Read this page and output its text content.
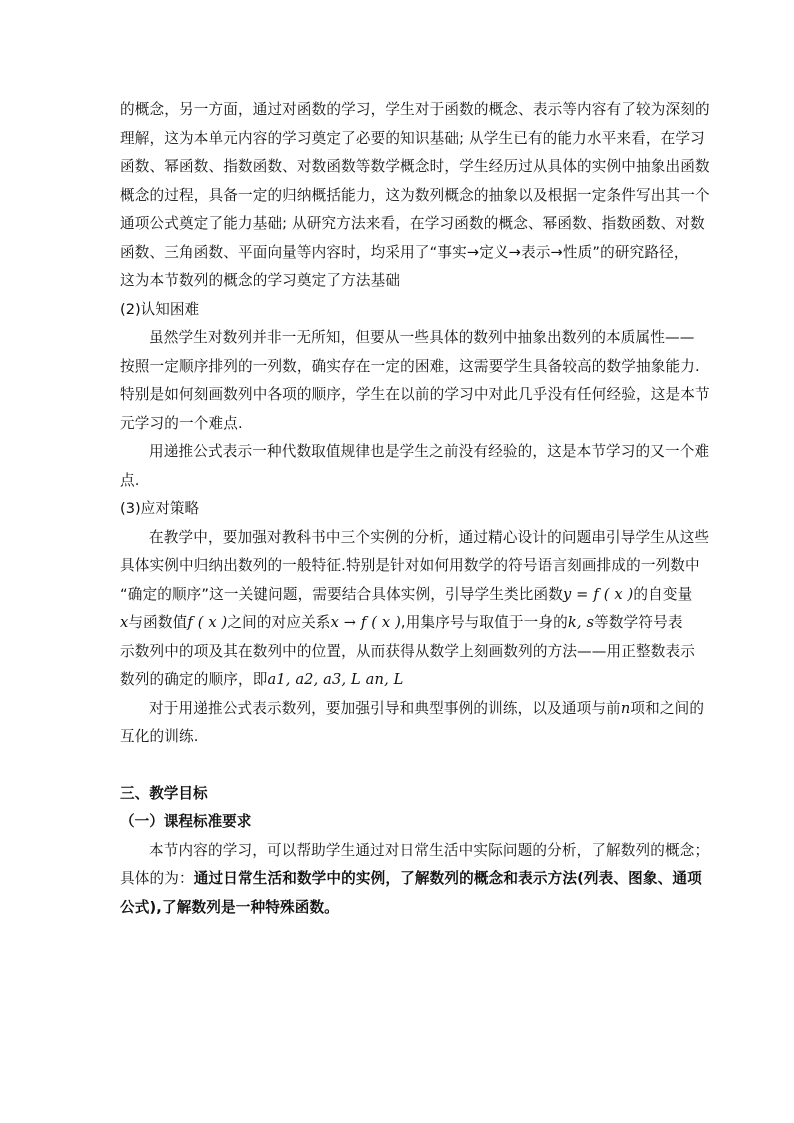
的概念，另一方面，通过对函数的学习，学生对于函数的概念、表示等内容有了较为深刻的
理解，这为本单元内容的学习奠定了必要的知识基础; 从学生已有的能力水平来看，在学习
函数、幂函数、指数函数、对数函数等数学概念时，学生经历过从具体的实例中抽象出函数
概念的过程，具备一定的归纳概括能力，这为数列概念的抽象以及根据一定条件写出其一个
通项公式奠定了能力基础; 从研究方法来看，在学习函数的概念、幂函数、指数函数、对数
函数、三角函数、平面向量等内容时，均采用了“事实→定义→表示→性质”的研究路径，
这为本节数列的概念的学习奠定了方法基础
(2)认知困难
虽然学生对数列并非一无所知，但要从一些具体的数列中抽象出数列的本质属性——
按照一定顺序排列的一列数，确实存在一定的困难，这需要学生具备较高的数学抽象能力.
特别是如何刻画数列中各项的顺序，学生在以前的学习中对此几乎没有任何经验，这是本节
元学习的一个难点.
用递推公式表示一种代数取值规律也是学生之前没有经验的，这是本节学习的又一个难
点.
(3)应对策略
在教学中，要加强对教科书中三个实例的分析，通过精心设计的问题串引导学生从这些
具体实例中归纳出数列的一般特征.特别是针对如何用数学的符号语言刻画排成的一列数中
“确定的顺序”这一关键问题，需要结合具体实例，引导学生类比函数y = f ( x )的自变量
x与函数值f ( x )之间的对应关系x → f ( x ),用集序号与取值于一身的k, s等数学符号表
示数列中的项及其在数列中的位置，从而获得从数学上刻画数列的方法——用正整数表示
数列的确定的顺序，即a1, a2, a3, L an, L
对于用递推公式表示数列，要加强引导和典型事例的训练，以及通项与前n项和之间的
互化的训练.
三、教学目标
（一）课程标准要求
本节内容的学习，可以帮助学生通过对日常生活中实际问题的分析，了解数列的概念；
具体的为：通过日常生活和数学中的实例，了解数列的概念和表示方法(列表、图象、通项
公式),了解数列是一种特殊函数。
